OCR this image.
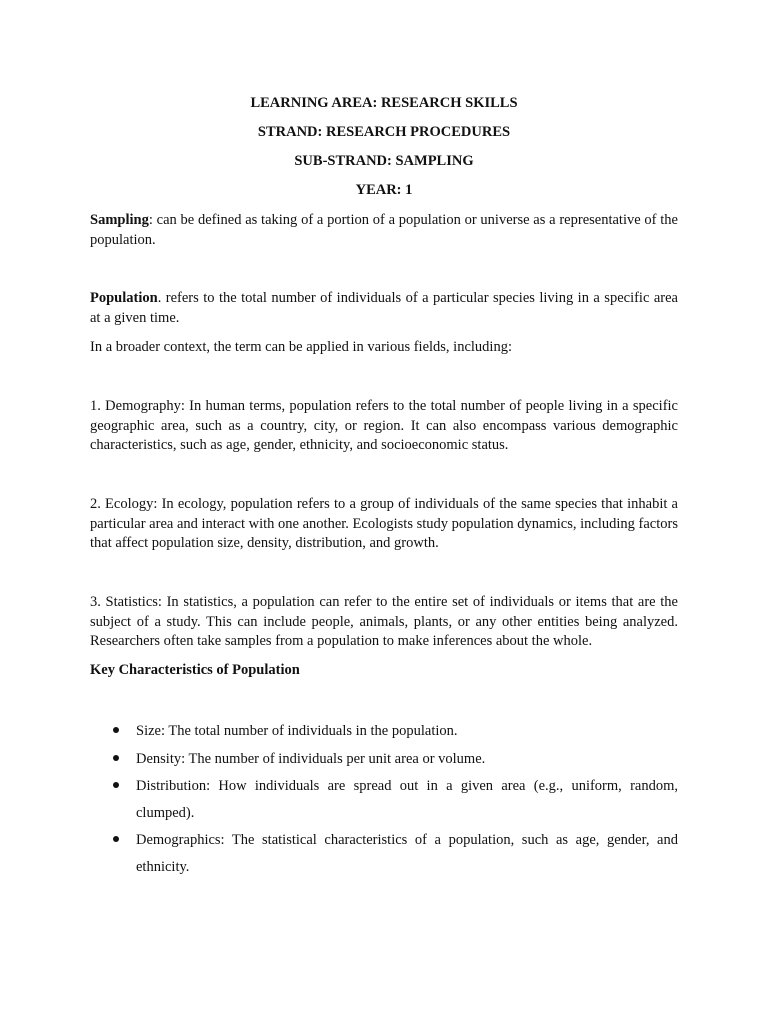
LEARNING AREA: RESEARCH SKILLS
STRAND: RESEARCH PROCEDURES
SUB-STRAND: SAMPLING
YEAR: 1
Sampling: can be defined as taking of a portion of a population or universe as a representative of the population.
Population. refers to the total number of individuals of a particular species living in a specific area at a given time.
In a broader context, the term can be applied in various fields, including:
1. Demography: In human terms, population refers to the total number of people living in a specific geographic area, such as a country, city, or region. It can also encompass various demographic characteristics, such as age, gender, ethnicity, and socioeconomic status.
2. Ecology: In ecology, population refers to a group of individuals of the same species that inhabit a particular area and interact with one another. Ecologists study population dynamics, including factors that affect population size, density, distribution, and growth.
3. Statistics: In statistics, a population can refer to the entire set of individuals or items that are the subject of a study. This can include people, animals, plants, or any other entities being analyzed. Researchers often take samples from a population to make inferences about the whole.
Key Characteristics of Population
Size: The total number of individuals in the population.
Density: The number of individuals per unit area or volume.
Distribution: How individuals are spread out in a given area (e.g., uniform, random, clumped).
Demographics: The statistical characteristics of a population, such as age, gender, and ethnicity.
